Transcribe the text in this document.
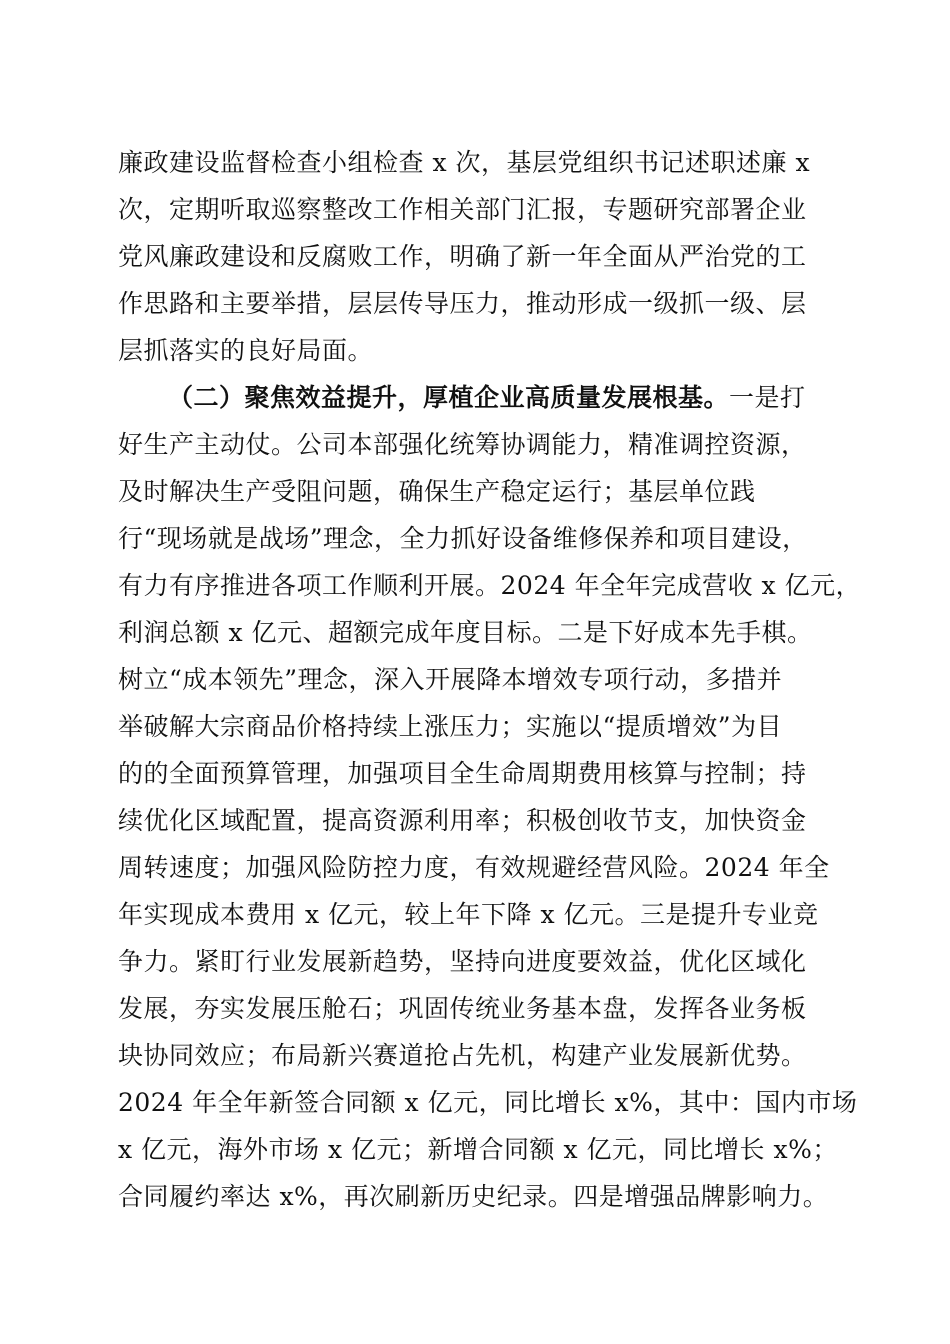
廉政建设监督检查小组检查 x 次，基层党组织书记述职述廉 x
次，定期听取巡察整改工作相关部门汇报，专题研究部署企业
党风廉政建设和反腐败工作，明确了新一年全面从严治党的工
作思路和主要举措，层层传导压力，推动形成一级抓一级、层
层抓落实的良好局面。
（二）聚焦效益提升，厚植企业高质量发展根基。一是打
好生产主动仗。公司本部强化统筹协调能力，精准调控资源，
及时解决生产受阻问题，确保生产稳定运行；基层单位践
行“现场就是战场”理念，全力抓好设备维修保养和项目建设，
有力有序推进各项工作顺利开展。2024 年全年完成营收 x 亿元，
利润总额 x 亿元、超额完成年度目标。二是下好成本先手棋。
树立“成本领先”理念，深入开展降本增效专项行动，多措并
举破解大宗商品价格持续上涨压力；实施以“提质增效”为目
的的全面预算管理，加强项目全生命周期费用核算与控制；持
续优化区域配置，提高资源利用率；积极创收节支，加快资金
周转速度；加强风险防控力度，有效规避经营风险。2024 年全
年实现成本费用 x 亿元，较上年下降 x 亿元。三是提升专业竞
争力。紧盯行业发展新趋势，坚持向进度要效益，优化区域化
发展，夯实发展压舱石；巩固传统业务基本盘，发挥各业务板
块协同效应；布局新兴赛道抢占先机，构建产业发展新优势。
2024 年全年新签合同额 x 亿元，同比增长 x%，其中：国内市场
x 亿元，海外市场 x 亿元；新增合同额 x 亿元，同比增长 x%；
合同履约率达 x%，再次刷新历史纪录。四是增强品牌影响力。
